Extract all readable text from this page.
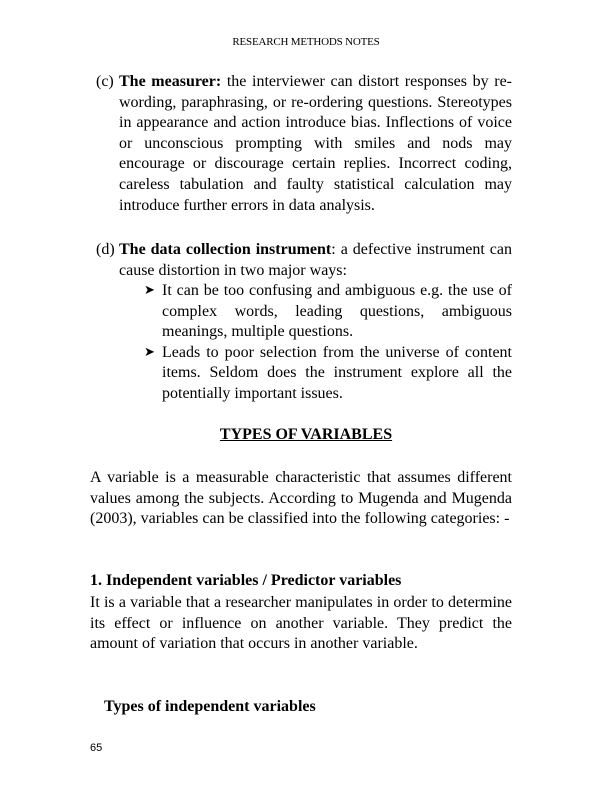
RESEARCH METHODS NOTES
(c) The measurer: the interviewer can distort responses by re-wording, paraphrasing, or re-ordering questions. Stereotypes in appearance and action introduce bias. Inflections of voice or unconscious prompting with smiles and nods may encourage or discourage certain replies. Incorrect coding, careless tabulation and faulty statistical calculation may introduce further errors in data analysis.
(d) The data collection instrument: a defective instrument can cause distortion in two major ways:
➤ It can be too confusing and ambiguous e.g. the use of complex words, leading questions, ambiguous meanings, multiple questions.
➤ Leads to poor selection from the universe of content items. Seldom does the instrument explore all the potentially important issues.
TYPES OF VARIABLES
A variable is a measurable characteristic that assumes different values among the subjects. According to Mugenda and Mugenda (2003), variables can be classified into the following categories: -
1. Independent variables / Predictor variables
It is a variable that a researcher manipulates in order to determine its effect or influence on another variable. They predict the amount of variation that occurs in another variable.
Types of independent variables
65
